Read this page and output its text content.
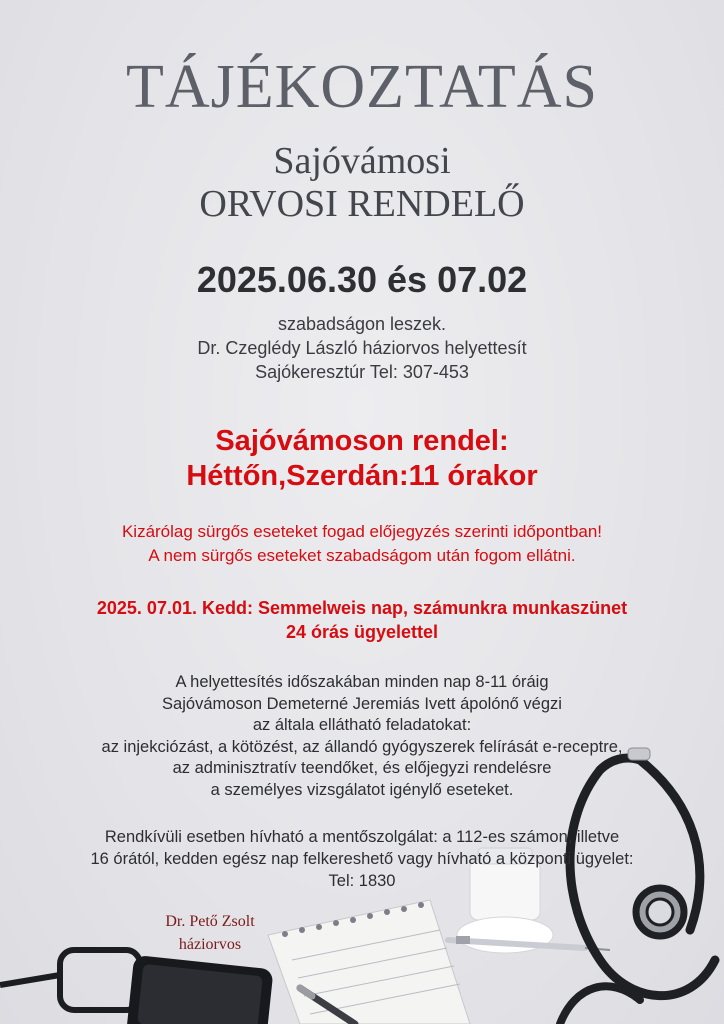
TÁJÉKOZTATÁS
Sajóvámosi
ORVOSI RENDELŐ
2025.06.30 és 07.02
szabadságon leszek.
Dr. Czeglédy László háziorvos helyettesít
Sajókeresztúr Tel: 307-453
Sajóvámoson rendel:
Héttőn,Szerdán:11 órakor
Kizárólag sürgős eseteket fogad előjegyzés szerinti időpontban!
A nem sürgős eseteket szabadságom után fogom ellátni.
2025. 07.01. Kedd: Semmelweis nap, számunkra munkaszünet
24 órás ügyelettel
A helyettesítés időszakában minden nap 8-11 óráig
Sajóvámoson Demeterné Jeremiás Ivett ápolónő végzi
az általa ellátható feladatokat:
az injekciózást, a kötözést, az állandó gyógyszerek felírását e-receptre,
az adminisztratív teendőket, és előjegyzi rendelésre
a személyes vizsgálatot igénylő eseteket.
Rendkívüli esetben hívható a mentőszolgálat: a 112-es számon, illetve
16 órától, kedden egész nap felkereshető vagy hívható a központi ügyelet:
Tel: 1830
Dr. Pető Zsolt
háziorvos
